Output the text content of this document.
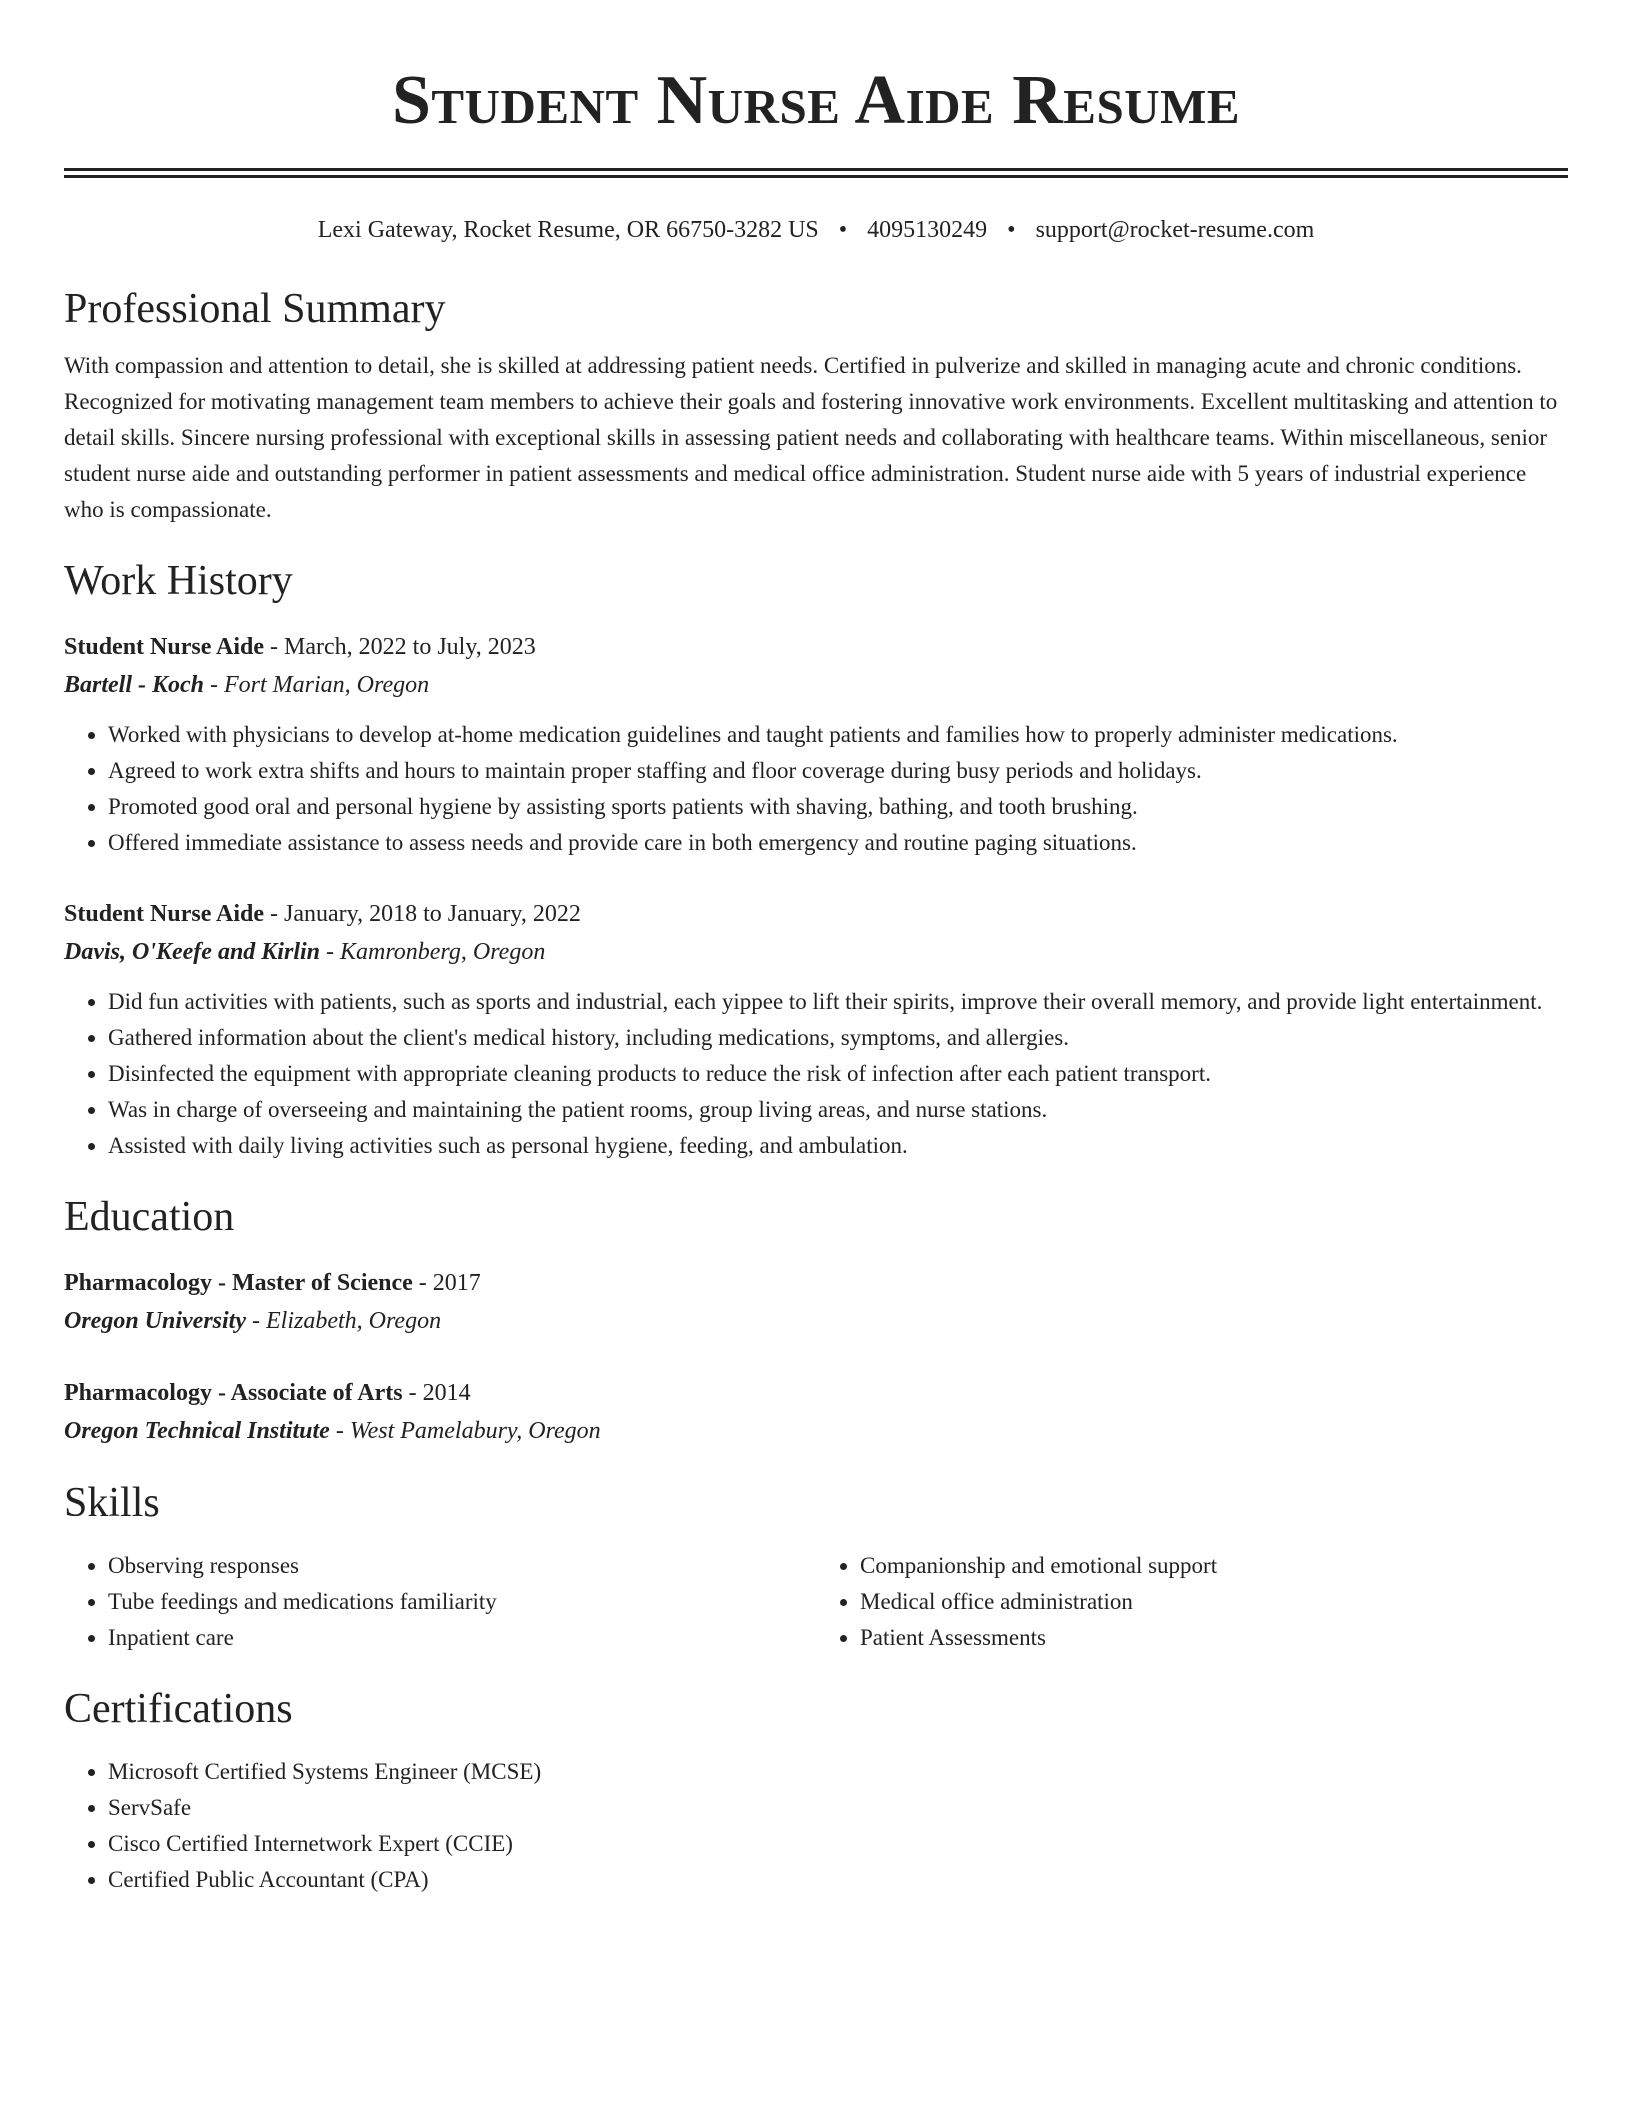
Student Nurse Aide Resume
Lexi Gateway, Rocket Resume, OR 66750-3282 US • 4095130249 • support@rocket-resume.com
Professional Summary
With compassion and attention to detail, she is skilled at addressing patient needs. Certified in pulverize and skilled in managing acute and chronic conditions. Recognized for motivating management team members to achieve their goals and fostering innovative work environments. Excellent multitasking and attention to detail skills. Sincere nursing professional with exceptional skills in assessing patient needs and collaborating with healthcare teams. Within miscellaneous, senior student nurse aide and outstanding performer in patient assessments and medical office administration. Student nurse aide with 5 years of industrial experience who is compassionate.
Work History
Student Nurse Aide - March, 2022 to July, 2023
Bartell - Koch - Fort Marian, Oregon
• Worked with physicians to develop at-home medication guidelines and taught patients and families how to properly administer medications.
• Agreed to work extra shifts and hours to maintain proper staffing and floor coverage during busy periods and holidays.
• Promoted good oral and personal hygiene by assisting sports patients with shaving, bathing, and tooth brushing.
• Offered immediate assistance to assess needs and provide care in both emergency and routine paging situations.
Student Nurse Aide - January, 2018 to January, 2022
Davis, O'Keefe and Kirlin - Kamronberg, Oregon
• Did fun activities with patients, such as sports and industrial, each yippee to lift their spirits, improve their overall memory, and provide light entertainment.
• Gathered information about the client's medical history, including medications, symptoms, and allergies.
• Disinfected the equipment with appropriate cleaning products to reduce the risk of infection after each patient transport.
• Was in charge of overseeing and maintaining the patient rooms, group living areas, and nurse stations.
• Assisted with daily living activities such as personal hygiene, feeding, and ambulation.
Education
Pharmacology - Master of Science - 2017
Oregon University - Elizabeth, Oregon
Pharmacology - Associate of Arts - 2014
Oregon Technical Institute - West Pamelabury, Oregon
Skills
• Observing responses
• Tube feedings and medications familiarity
• Inpatient care
• Companionship and emotional support
• Medical office administration
• Patient Assessments
Certifications
• Microsoft Certified Systems Engineer (MCSE)
• ServSafe
• Cisco Certified Internetwork Expert (CCIE)
• Certified Public Accountant (CPA)
